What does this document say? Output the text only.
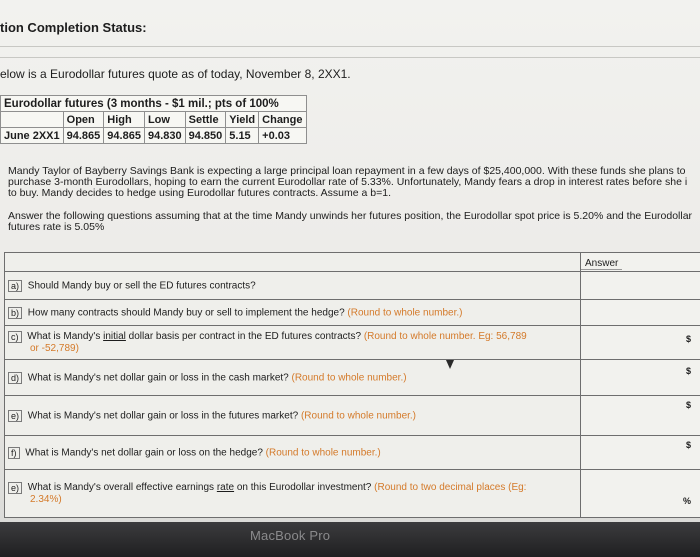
tion Completion Status:
elow is a Eurodollar futures quote as of today, November 8, 2XX1.
Eurodollar futures (3 months - $1 mil.; pts of 100%						
	Open	High	Low	Settle	Yield	Change
June 2XX1	94.865	94.865	94.830	94.850	5.15	+0.03
Mandy Taylor of Bayberry Savings Bank is expecting a large principal loan repayment in a few days of $25,400,000. With these funds she plans to
purchase 3-month Eurodollars, hoping to earn the current Eurodollar rate of 5.33%. Unfortunately, Mandy fears a drop in interest rates before she i
to buy. Mandy decides to hedge using Eurodollar futures contracts. Assume a b=1.
Answer the following questions assuming that at the time Mandy unwinds her futures position, the Eurodollar spot price is 5.20% and the Eurodollar
futures rate is 5.05%
	Answer
a) Should Mandy buy or sell the ED futures contracts?	
b) How many contracts should Mandy buy or sell to implement the hedge? (Round to whole number.)	
c) What is Mandy's initial dollar basis per contract in the ED futures contracts? (Round to whole number. Eg: 56,789
or -52,789)	$

d) What is Mandy's net dollar gain or loss in the cash market? (Round to whole number.)	$

e) What is Mandy's net dollar gain or loss in the futures market? (Round to whole number.)	$

f) What is Mandy's net dollar gain or loss on the hedge? (Round to whole number.)	$

e) What is Mandy's overall effective earnings rate on this Eurodollar investment? (Round to two decimal places (Eg:
2.34%)	%
MacBook Pro
